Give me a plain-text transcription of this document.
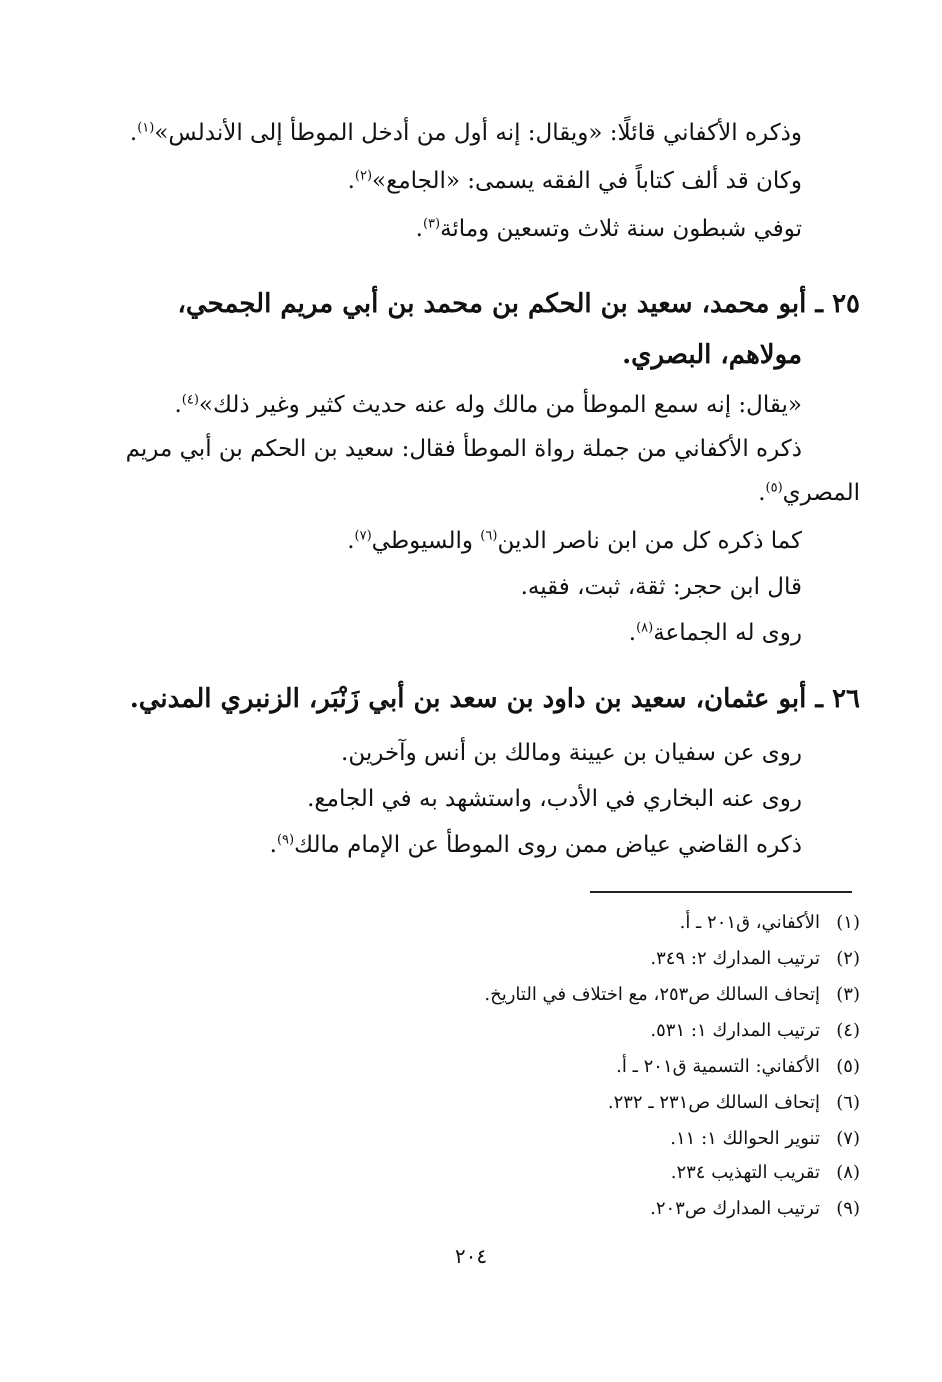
وذكره الأكفاني قائلًا: «ويقال: إنه أول من أدخل الموطأ إلى الأندلس»$^{(١)}$.
وكان قد ألف كتاباً في الفقه يسمى: «الجامع»$^{(٢)}$.
توفي شبطون سنة ثلاث وتسعين ومائة$^{(٣)}$.
٢٥ ـ أبو محمد، سعيد بن الحكم بن محمد بن أبي مريم الجمحي،
مولاهم، البصري.
«يقال: إنه سمع الموطأ من مالك وله عنه حديث كثير وغير ذلك»$^{(٤)}$.
ذكره الأكفاني من جملة رواة الموطأ فقال: سعيد بن الحكم بن أبي مريم
المصري$^{(٥)}$.
كما ذكره كل من ابن ناصر الدين$^{(٦)}$ والسيوطي$^{(٧)}$.
قال ابن حجر: ثقة، ثبت، فقيه.
روى له الجماعة$^{(٨)}$.
٢٦ ـ أبو عثمان، سعيد بن داود بن سعد بن أبي زَنْبَر، الزنبري المدني.
روى عن سفيان بن عيينة ومالك بن أنس وآخرين.
روى عنه البخاري في الأدب، واستشهد به في الجامع.
ذكره القاضي عياض ممن روى الموطأ عن الإمام مالك$^{(٩)}$.
(١)الأكفاني، ق٢٠١ ـ أ.
(٢)ترتيب المدارك ٢: ٣٤٩.
(٣)إتحاف السالك ص٢٥٣، مع اختلاف في التاريخ.
(٤)ترتيب المدارك ١: ٥٣١.
(٥)الأكفاني: التسمية ق٢٠١ ـ أ.
(٦)إتحاف السالك ص٢٣١ ـ ٢٣٢.
(٧)تنوير الحوالك ١: ١١.
(٨)تقريب التهذيب ٢٣٤.
(٩)ترتيب المدارك ص٢٠٣.
٢٠٤
